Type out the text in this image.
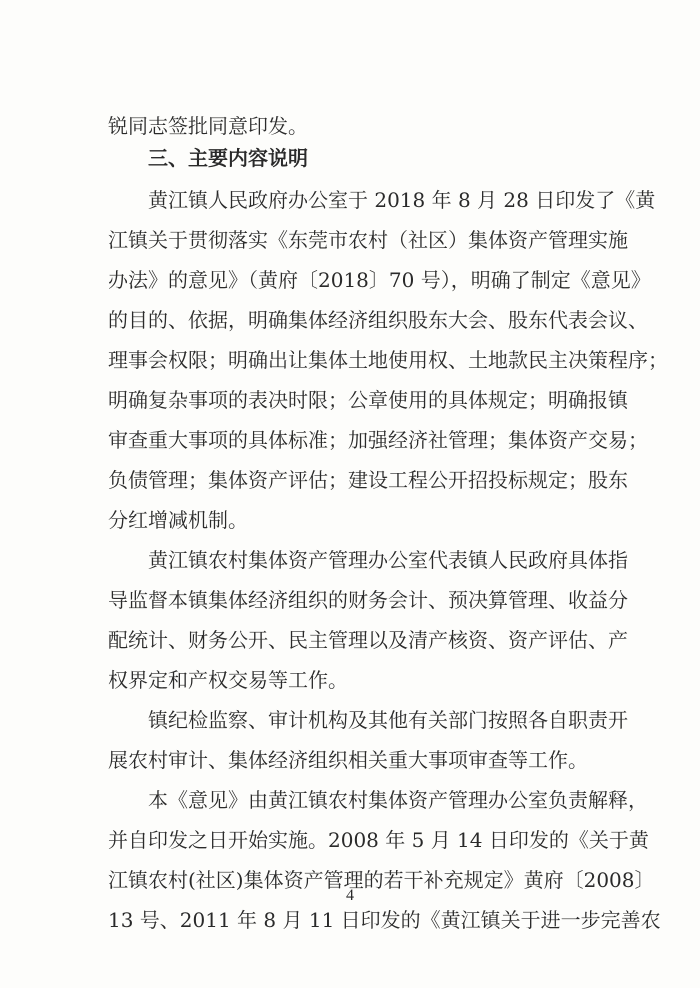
锐同志签批同意印发。
三、主要内容说明
黄江镇人民政府办公室于 2018 年 8 月 28 日印发了《黄
江镇关于贯彻落实《东莞市农村（社区）集体资产管理实施
办法》的意见》（黄府〔2018〕70 号），明确了制定《意见》
的目的、依据，明确集体经济组织股东大会、股东代表会议、
理事会权限；明确出让集体土地使用权、土地款民主决策程序；
明确复杂事项的表决时限；公章使用的具体规定；明确报镇
审查重大事项的具体标准；加强经济社管理；集体资产交易；
负债管理；集体资产评估；建设工程公开招投标规定；股东
分红增减机制。
黄江镇农村集体资产管理办公室代表镇人民政府具体指
导监督本镇集体经济组织的财务会计、预决算管理、收益分
配统计、财务公开、民主管理以及清产核资、资产评估、产
权界定和产权交易等工作。
镇纪检监察、审计机构及其他有关部门按照各自职责开
展农村审计、集体经济组织相关重大事项审查等工作。
本《意见》由黄江镇农村集体资产管理办公室负责解释，
并自印发之日开始实施。2008 年 5 月 14 日印发的《关于黄
江镇农村(社区)集体资产管理的若干补充规定》黄府〔2008〕
13 号、2011 年 8 月 11 日印发的《黄江镇关于进一步完善农
4
